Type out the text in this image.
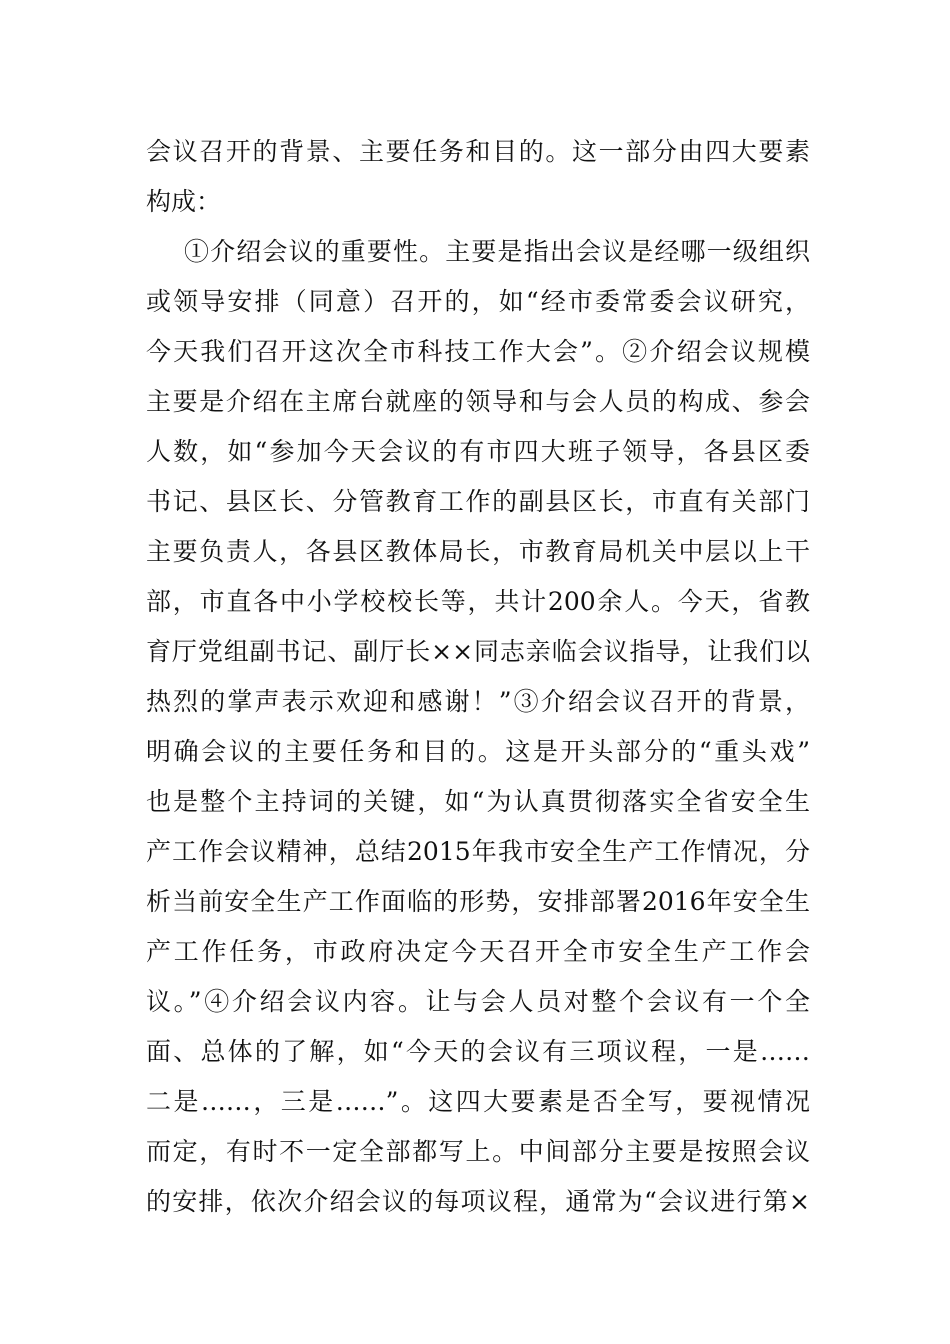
会议召开的背景、主要任务和目的。这一部分由四大要素
构成：
①介绍会议的重要性。主要是指出会议是经哪一级组织
或领导安排（同意）召开的，如“经市委常委会议研究，
今天我们召开这次全市科技工作大会”。②介绍会议规模
主要是介绍在主席台就座的领导和与会人员的构成、参会
人数，如“参加今天会议的有市四大班子领导，各县区委
书记、县区长、分管教育工作的副县区长，市直有关部门
主要负责人，各县区教体局长，市教育局机关中层以上干
部，市直各中小学校校长等，共计200余人。今天，省教
育厅党组副书记、副厅长××同志亲临会议指导，让我们以
热烈的掌声表示欢迎和感谢！”③介绍会议召开的背景，
明确会议的主要任务和目的。这是开头部分的“重头戏”
也是整个主持词的关键，如“为认真贯彻落实全省安全生
产工作会议精神，总结2015年我市安全生产工作情况，分
析当前安全生产工作面临的形势，安排部署2016年安全生
产工作任务，市政府决定今天召开全市安全生产工作会
议。”④介绍会议内容。让与会人员对整个会议有一个全
面、总体的了解，如“今天的会议有三项议程，一是……
二是……，三是……”。这四大要素是否全写，要视情况
而定，有时不一定全部都写上。中间部分主要是按照会议
的安排，依次介绍会议的每项议程，通常为“会议进行第×
